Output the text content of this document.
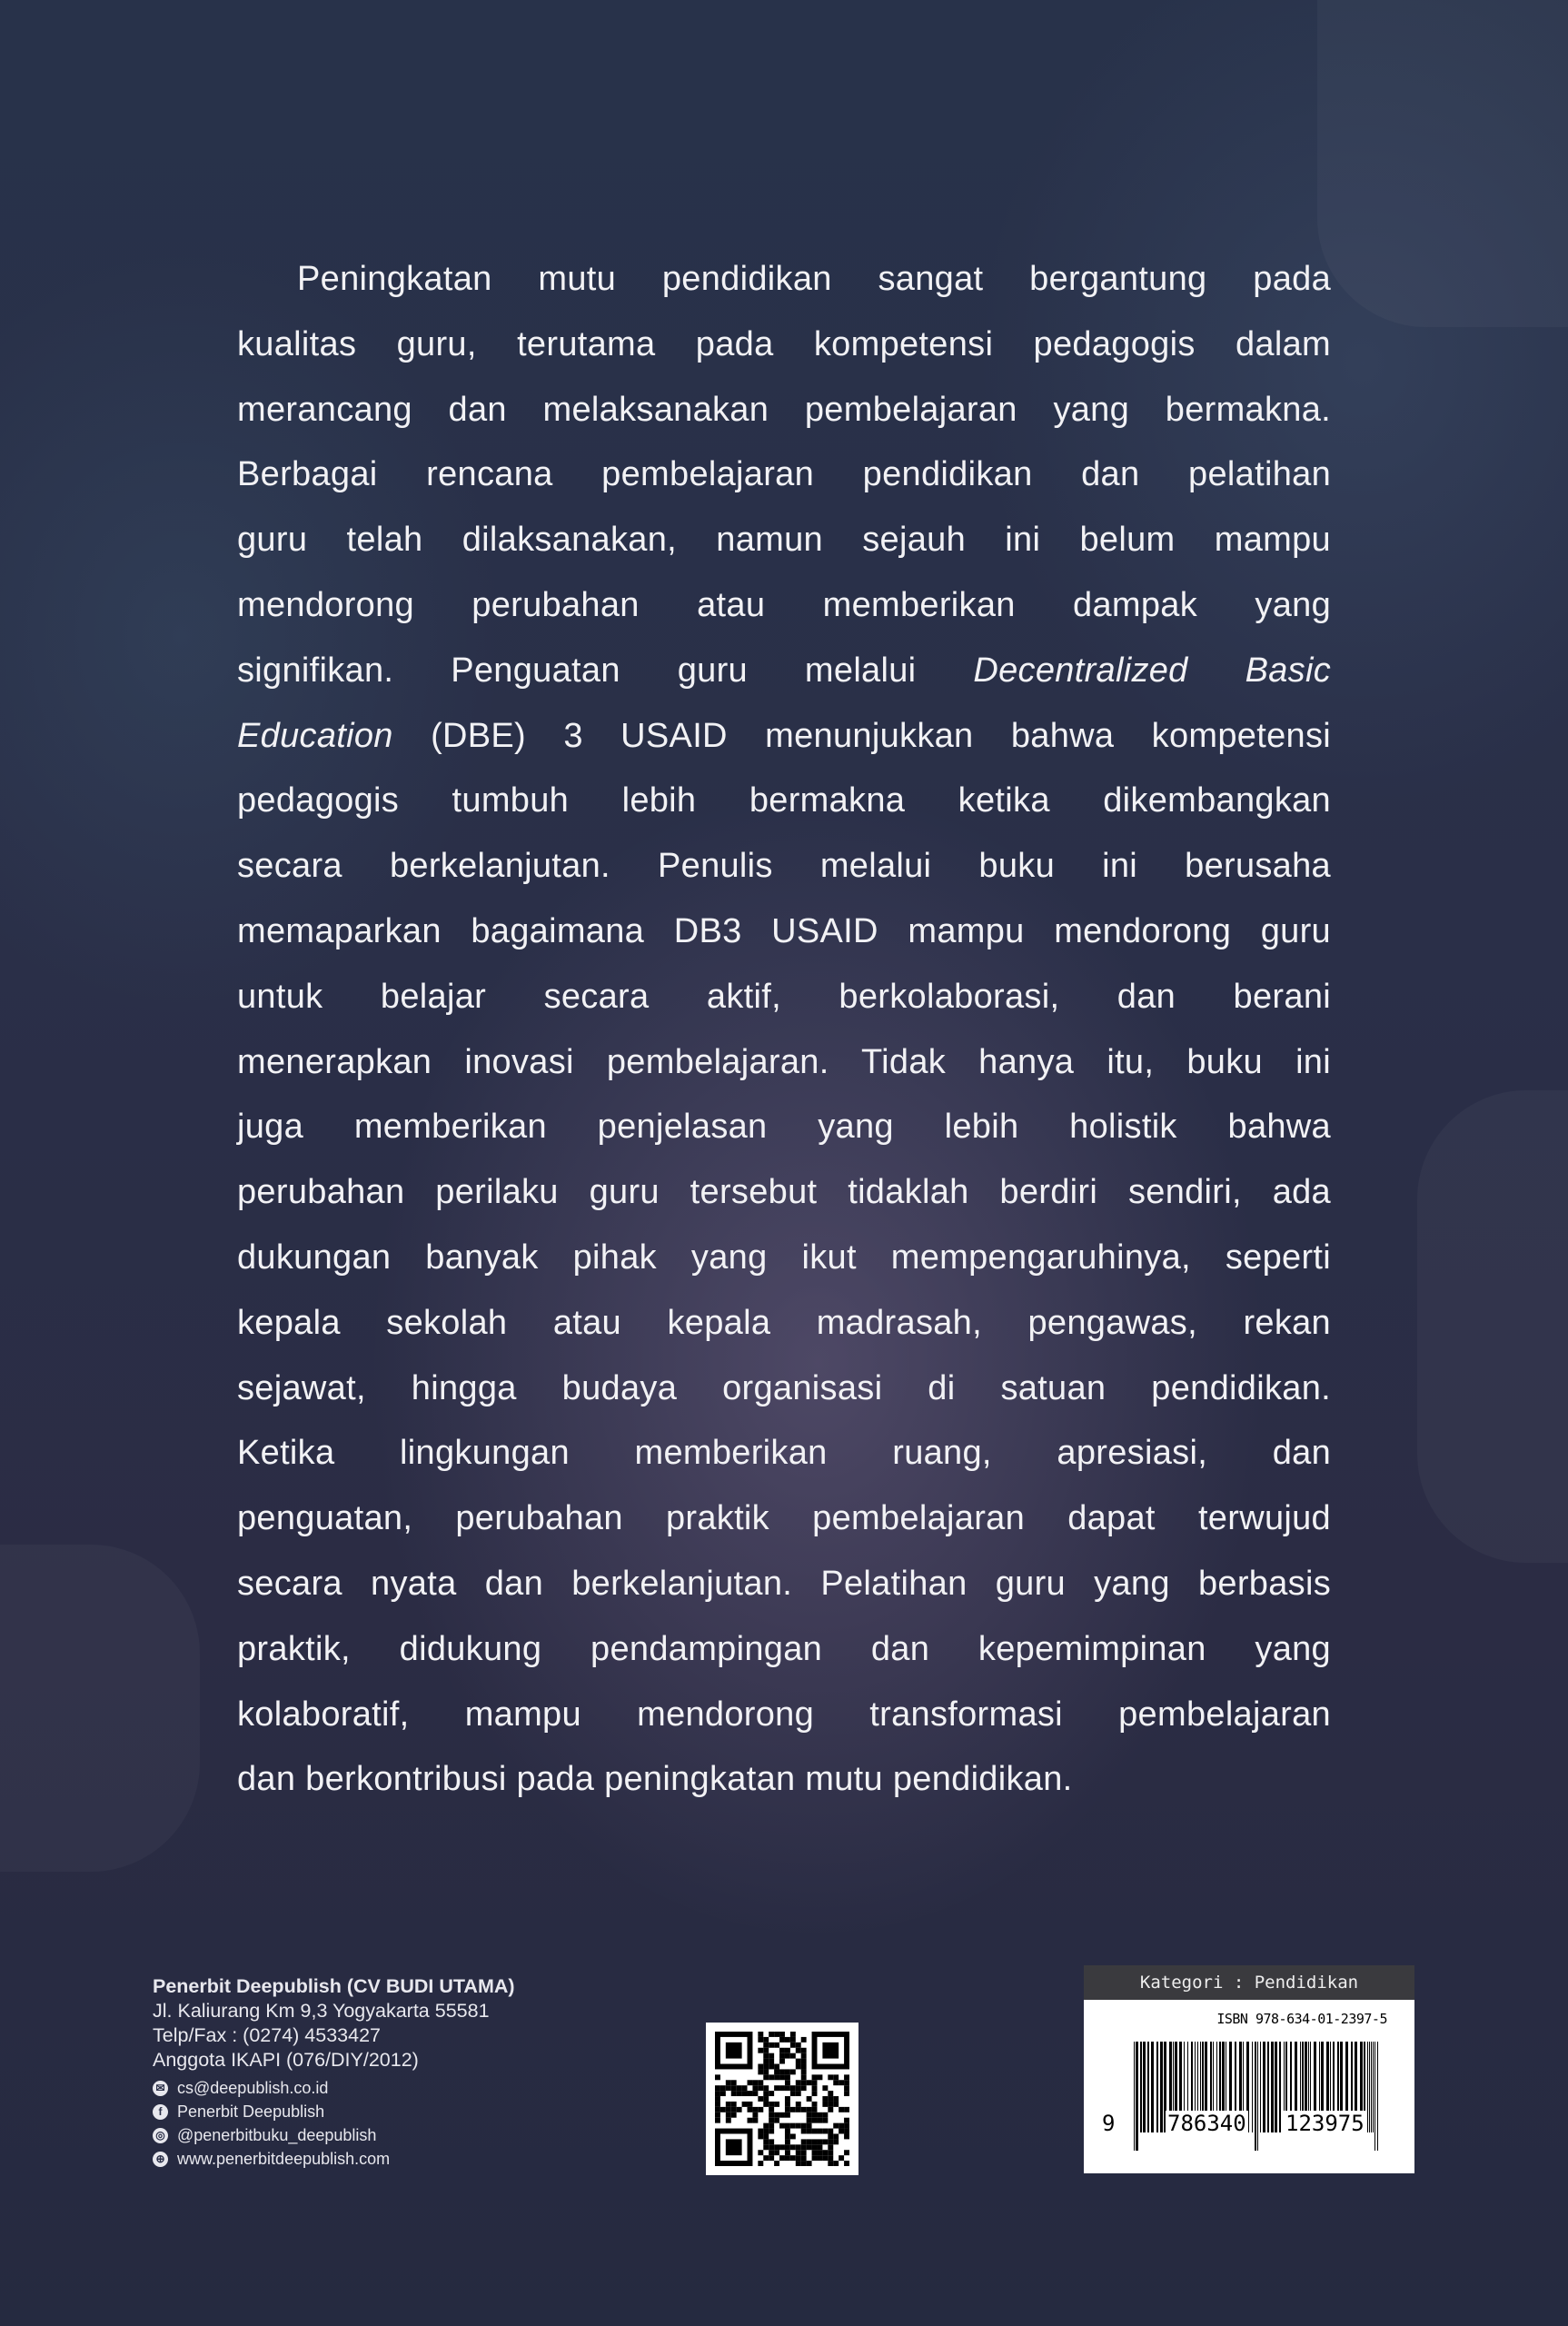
Peningkatan mutu pendidikan sangat bergantung pada
kualitas guru, terutama pada kompetensi pedagogis dalam
merancang dan melaksanakan pembelajaran yang bermakna.
Berbagai rencana pembelajaran pendidikan dan pelatihan
guru telah dilaksanakan, namun sejauh ini belum mampu
mendorong perubahan atau memberikan dampak yang
signifikan. Penguatan guru melalui Decentralized Basic
Education (DBE) 3 USAID menunjukkan bahwa kompetensi
pedagogis tumbuh lebih bermakna ketika dikembangkan
secara berkelanjutan. Penulis melalui buku ini berusaha
memaparkan bagaimana DB3 USAID mampu mendorong guru
untuk belajar secara aktif, berkolaborasi, dan berani
menerapkan inovasi pembelajaran. Tidak hanya itu, buku ini
juga memberikan penjelasan yang lebih holistik bahwa
perubahan perilaku guru tersebut tidaklah berdiri sendiri, ada
dukungan banyak pihak yang ikut mempengaruhinya, seperti
kepala sekolah atau kepala madrasah, pengawas, rekan
sejawat, hingga budaya organisasi di satuan pendidikan.
Ketika lingkungan memberikan ruang, apresiasi, dan
penguatan, perubahan praktik pembelajaran dapat terwujud
secara nyata dan berkelanjutan. Pelatihan guru yang berbasis
praktik, didukung pendampingan dan kepemimpinan yang
kolaboratif, mampu mendorong transformasi pembelajaran
dan berkontribusi pada peningkatan mutu pendidikan.
Penerbit Deepublish (CV BUDI UTAMA)
Jl. Kaliurang Km 9,3 Yogyakarta 55581
Telp/Fax : (0274) 4533427
Anggota IKAPI (076/DIY/2012)
✉ cs@deepublish.co.id
f Penerbit Deepublish
◎ @penerbitbuku_deepublish
⊕ www.penerbitdeepublish.com
Kategori : Pendidikan
ISBN 978-634-01-2397-5
9 786340 123975
